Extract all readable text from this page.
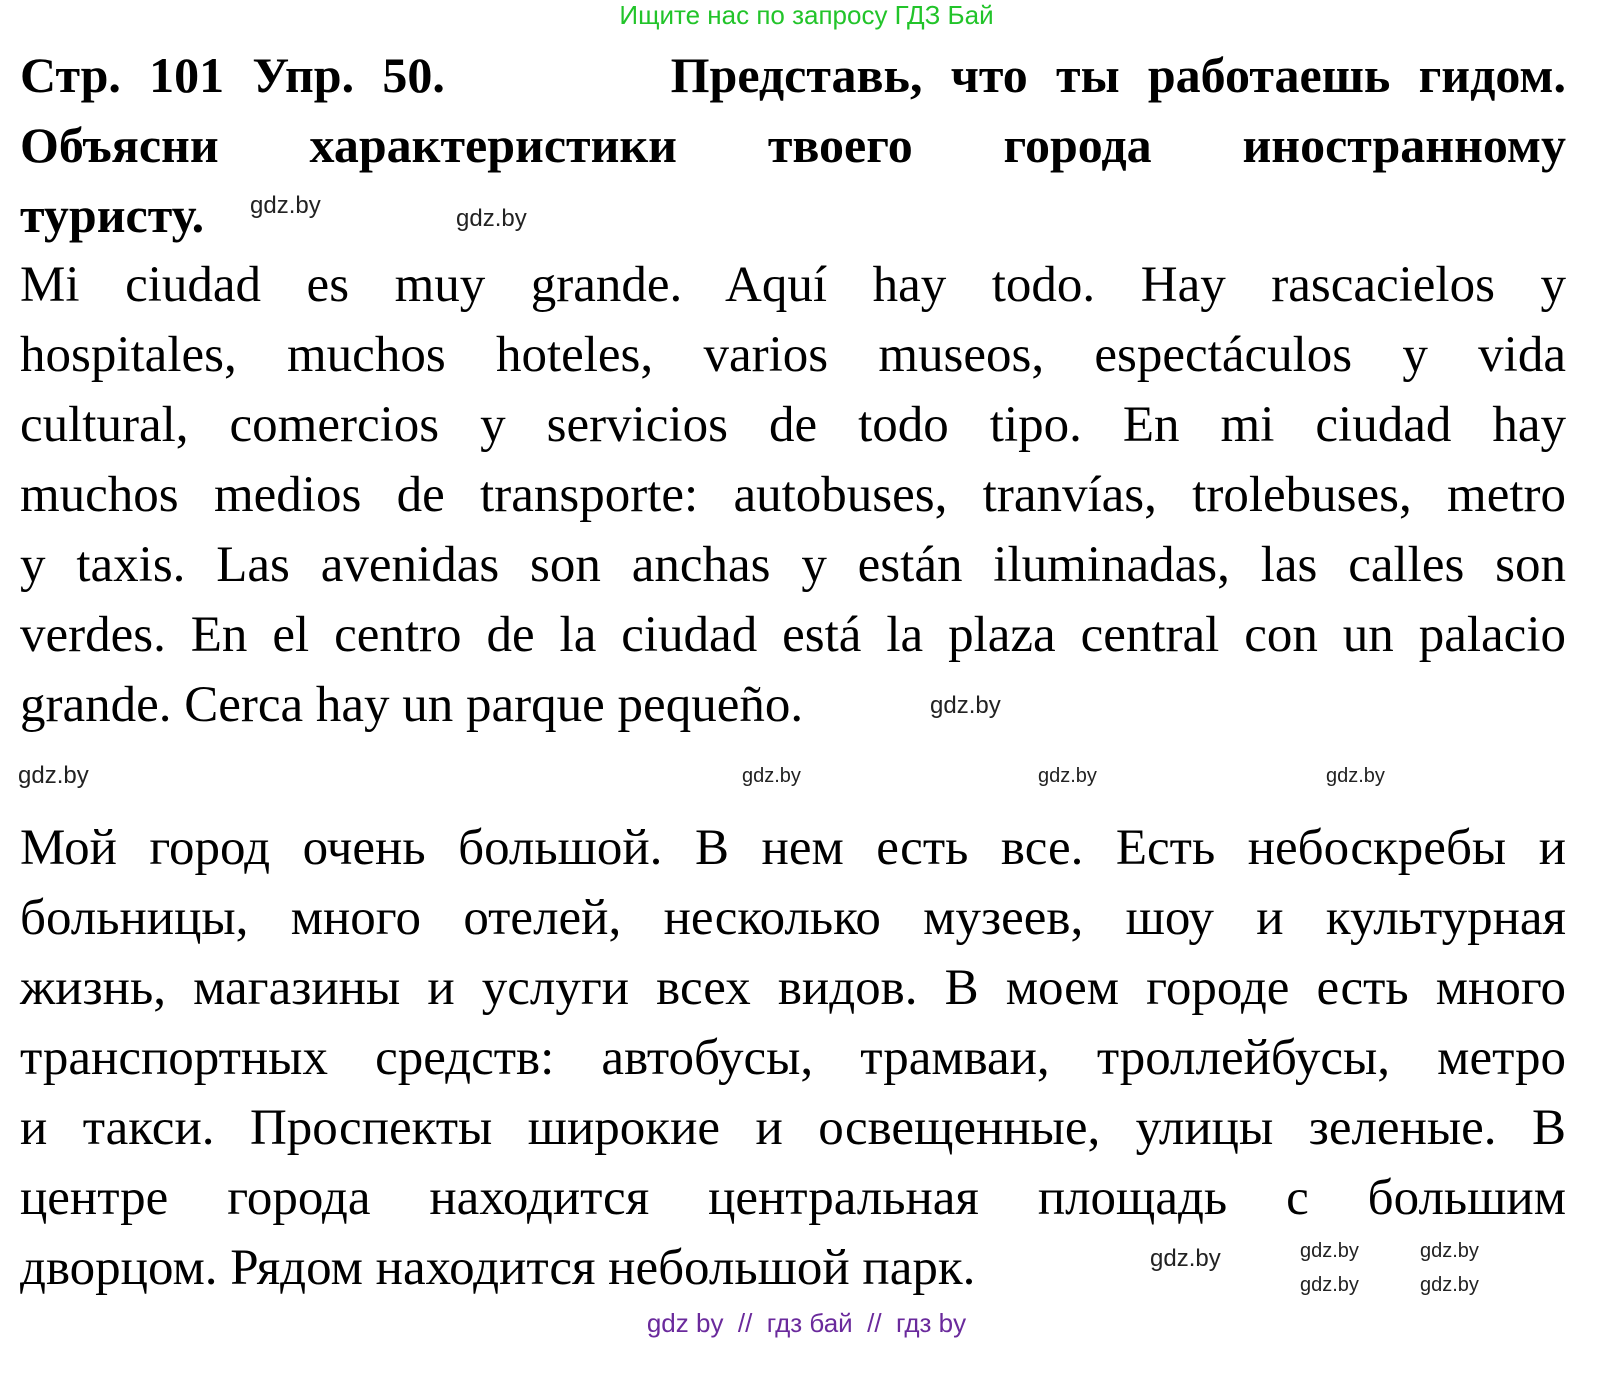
Ищите нас по запросу ГДЗ Бай
Стр. 101 Упр. 50.        Представь, что ты работаешь гидом.
Объясни характеристики твоего города иностранному
туристу.
Mi ciudad es muy grande. Aquí hay todo. Hay rascacielos y
hospitales, muchos hoteles, varios museos, espectáculos y vida
cultural, comercios y servicios de todo tipo. En mi ciudad hay
muchos medios de transporte: autobuses, tranvías, trolebuses, metro
y taxis. Las avenidas son anchas y están iluminadas, las calles son
verdes. En el centro de la ciudad está la plaza central con un palacio
grande. Cerca hay un parque pequeño.
Мой город очень большой. В нем есть все. Есть небоскребы и
больницы, много отелей, несколько музеев, шоу и культурная
жизнь, магазины и услуги всех видов. В моем городе есть много
транспортных средств: автобусы, трамваи, троллейбусы, метро
и такси. Проспекты широкие и освещенные, улицы зеленые. В
центре города находится центральная площадь с большим
дворцом. Рядом находится небольшой парк.
gdz.by	gdz.by
gdz.by
gdz.by	gdz.by	gdz.by	gdz.by
gdz.by	gdz.by	gdz.by
gdz.by	gdz.by
gdz by  //  гдз бай  //  гдз by
